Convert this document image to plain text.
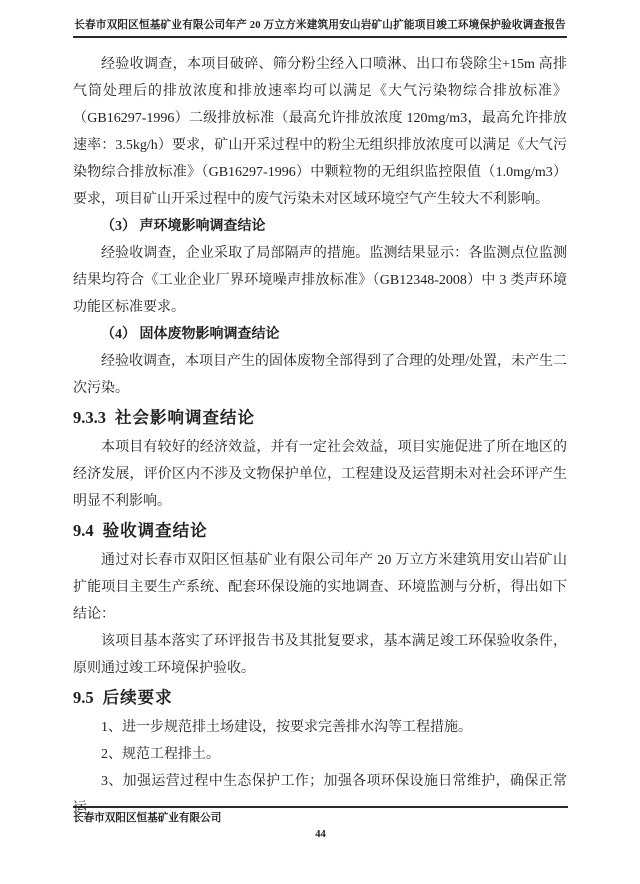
长春市双阳区恒基矿业有限公司年产 20 万立方米建筑用安山岩矿山扩能项目竣工环境保护验收调查报告

经验收调查，本项目破碎、筛分粉尘经入口喷淋、出口布袋除尘+15m 高排气筒处理后的排放浓度和排放速率均可以满足《大气污染物综合排放标准》（GB16297-1996）二级排放标准（最高允许排放浓度 120mg/m3，最高允许排放速率：3.5kg/h）要求，矿山开采过程中的粉尘无组织排放浓度可以满足《大气污染物综合排放标准》（GB16297-1996）中颗粒物的无组织监控限值（1.0mg/m3）要求，项目矿山开采过程中的废气污染未对区域环境空气产生较大不利影响。

（3） 声环境影响调查结论

经验收调查，企业采取了局部隔声的措施。监测结果显示：各监测点位监测结果均符合《工业企业厂界环境噪声排放标准》（GB12348-2008）中 3 类声环境功能区标准要求。

（4） 固体废物影响调查结论

经验收调查，本项目产生的固体废物全部得到了合理的处理/处置，未产生二次污染。

9.3.3 社会影响调查结论

本项目有较好的经济效益，并有一定社会效益，项目实施促进了所在地区的经济发展，评价区内不涉及文物保护单位，工程建设及运营期未对社会环评产生明显不利影响。

9.4 验收调查结论

通过对长春市双阳区恒基矿业有限公司年产 20 万立方米建筑用安山岩矿山扩能项目主要生产系统、配套环保设施的实地调查、环境监测与分析，得出如下结论：

该项目基本落实了环评报告书及其批复要求，基本满足竣工环保验收条件，原则通过竣工环境保护验收。

9.5 后续要求

1、进一步规范排土场建设，按要求完善排水沟等工程措施。

2、规范工程排土。

3、加强运营过程中生态保护工作；加强各项环保设施日常维护，确保正常运

长春市双阳区恒基矿业有限公司
44
